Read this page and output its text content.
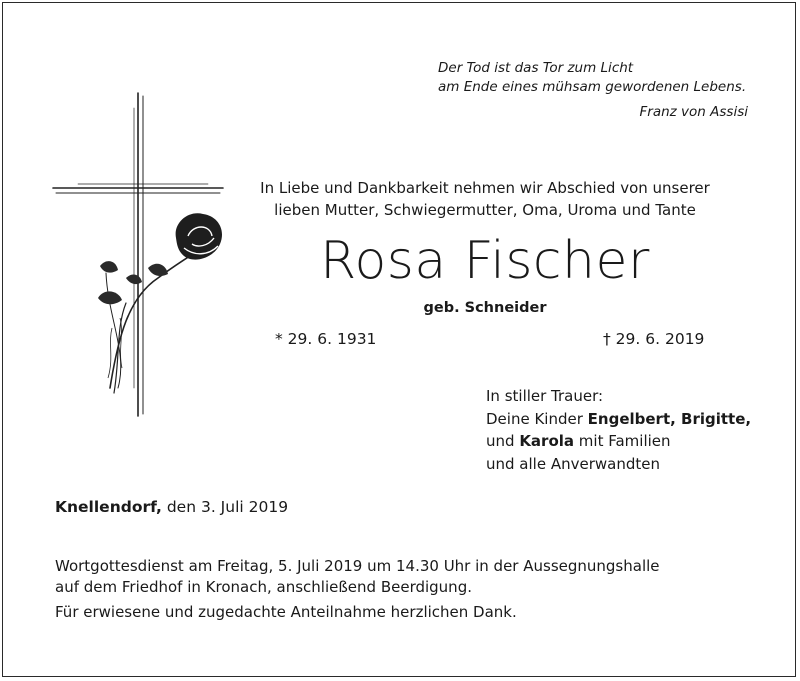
Der Tod ist das Tor zum Licht
am Ende eines mühsam gewordenen Lebens.
Franz von Assisi
In Liebe und Dankbarkeit nehmen wir Abschied von unserer
lieben Mutter, Schwiegermutter, Oma, Uroma und Tante
Rosa Fischer
geb. Schneider
* 29. 6. 1931	† 29. 6. 2019
In stiller Trauer:
Deine Kinder Engelbert, Brigitte,
und Karola mit Familien
und alle Anverwandten
Knellendorf, den 3. Juli 2019
Wortgottesdienst am Freitag, 5. Juli 2019 um 14.30 Uhr in der Aussegnungshalle
auf dem Friedhof in Kronach, anschließend Beerdigung.
Für erwiesene und zugedachte Anteilnahme herzlichen Dank.
